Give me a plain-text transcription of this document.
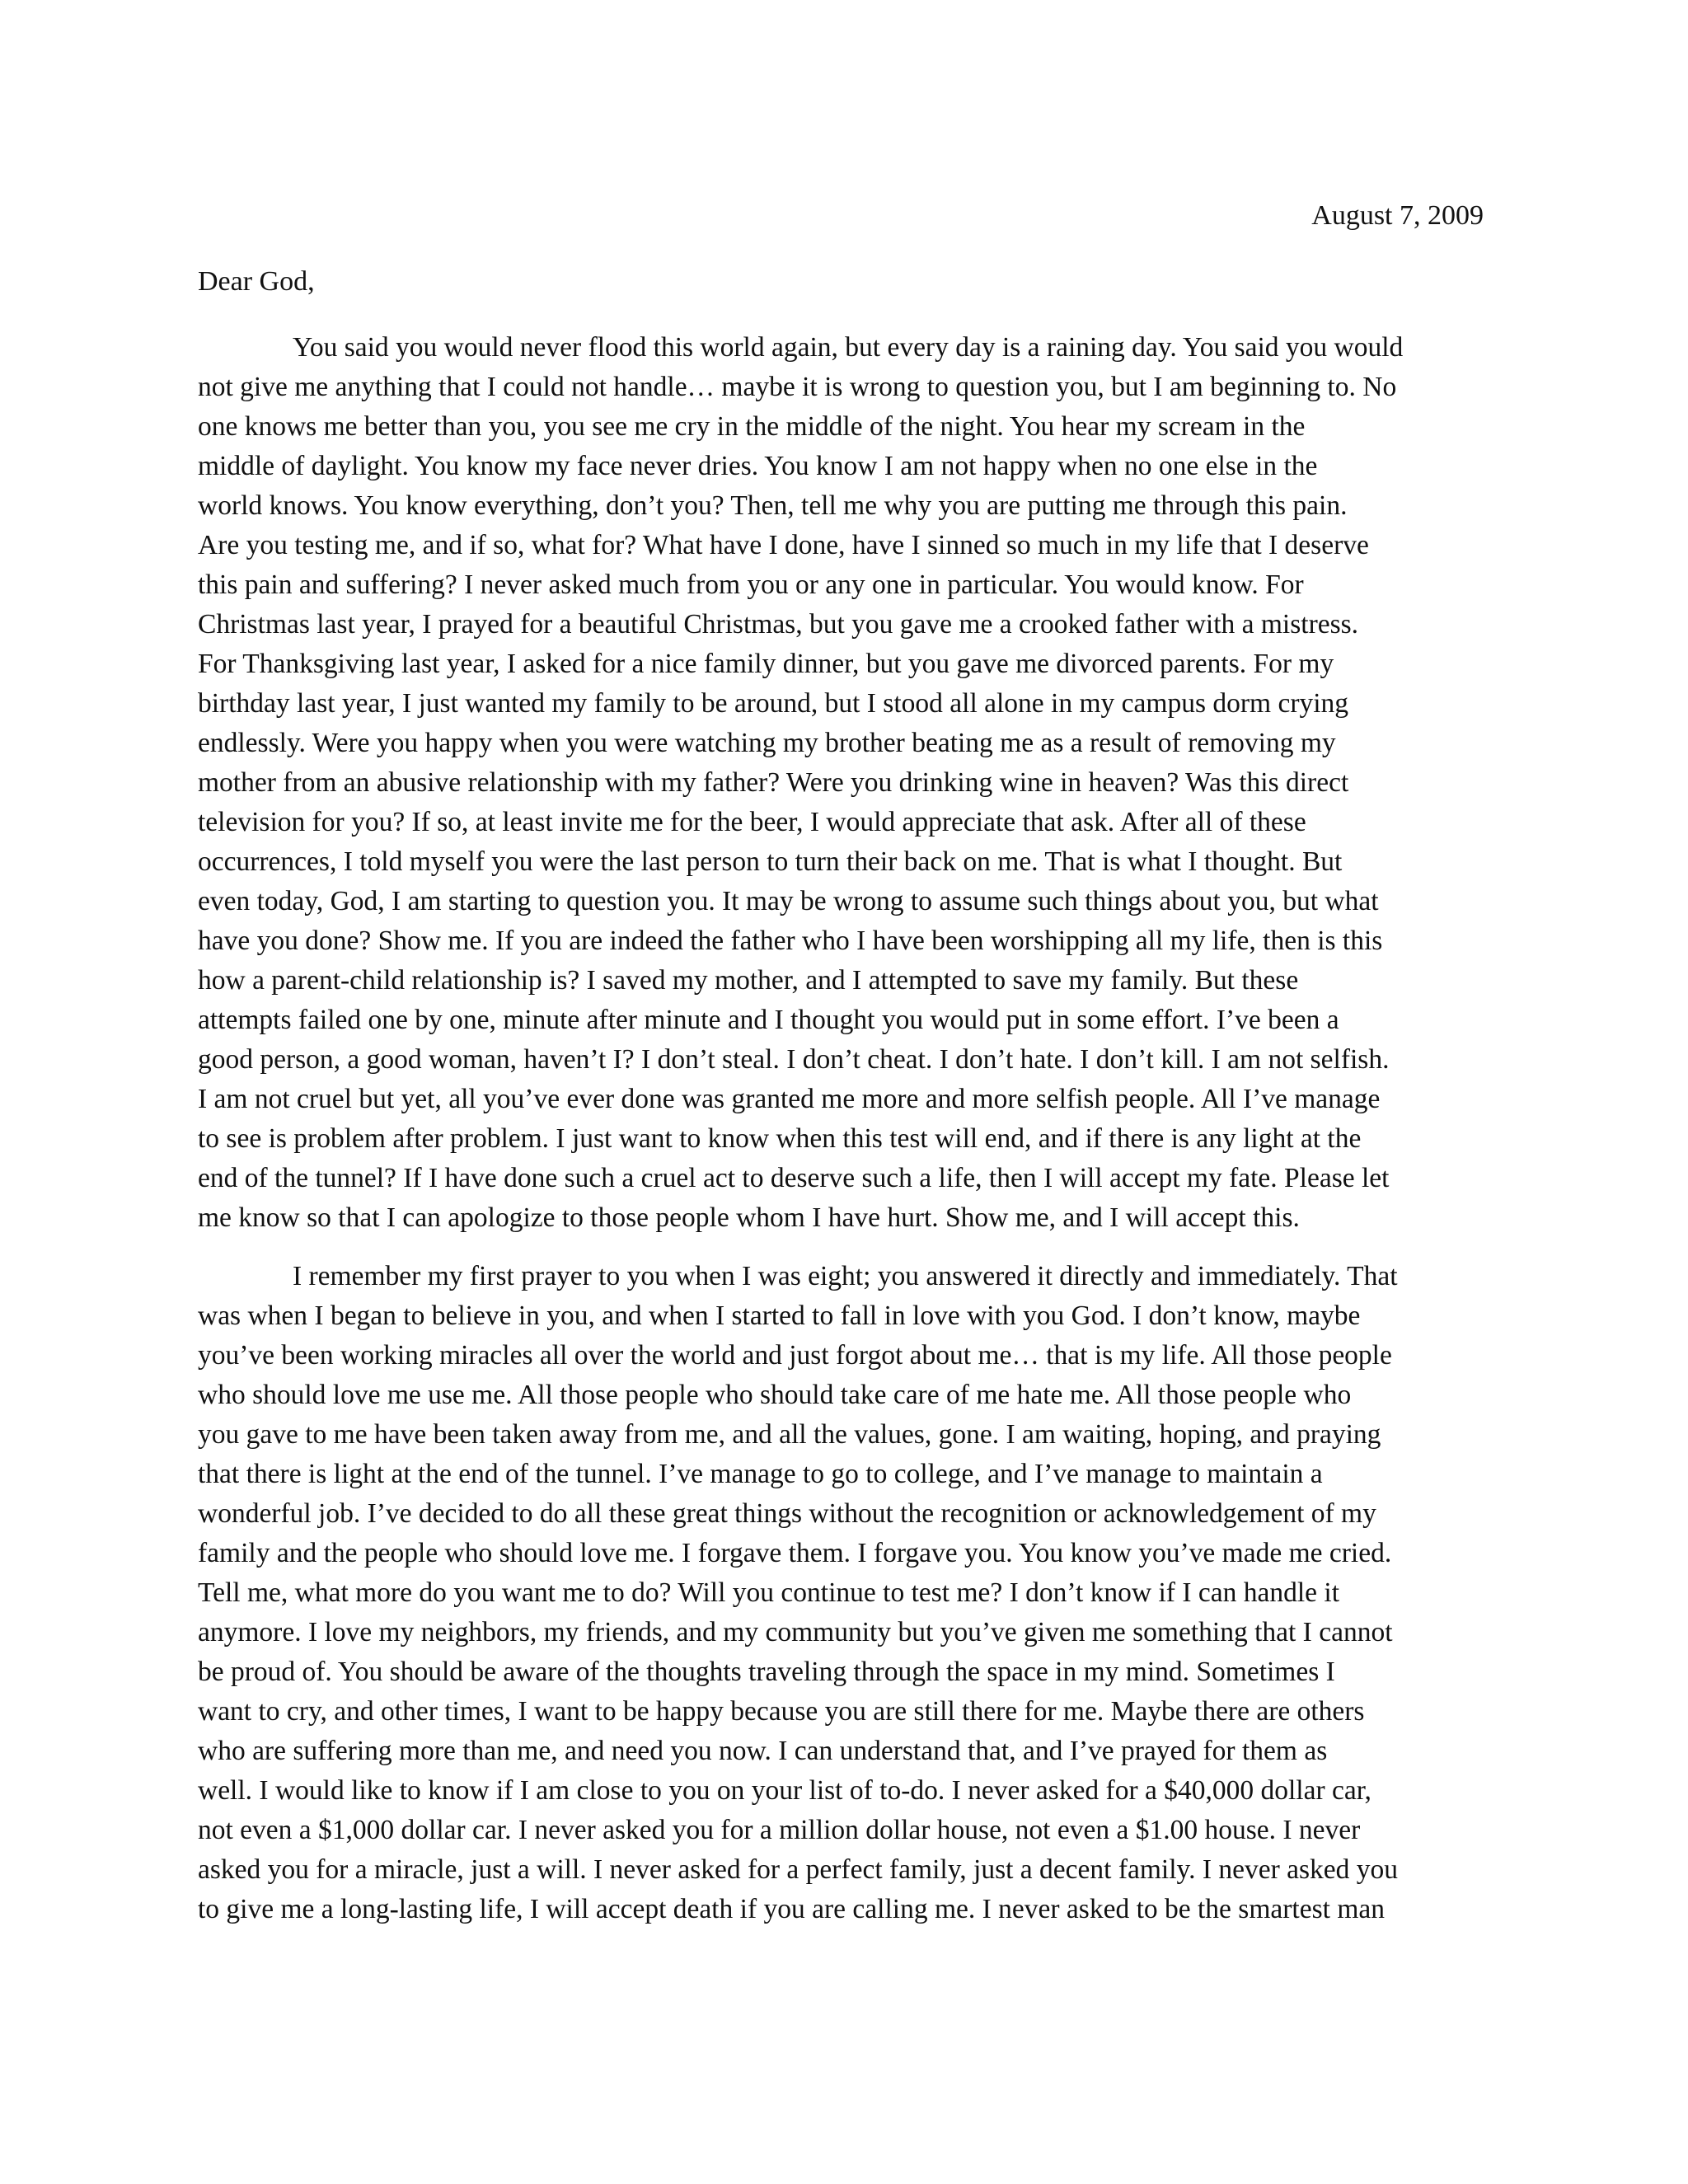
August 7, 2009
Dear God,
You said you would never flood this world again, but every day is a raining day. You said you would
not give me anything that I could not handle… maybe it is wrong to question you, but I am beginning to. No
one knows me better than you, you see me cry in the middle of the night. You hear my scream in the
middle of daylight. You know my face never dries. You know I am not happy when no one else in the
world knows. You know everything, don’t you? Then, tell me why you are putting me through this pain.
Are you testing me, and if so, what for? What have I done, have I sinned so much in my life that I deserve
this pain and suffering? I never asked much from you or any one in particular. You would know. For
Christmas last year, I prayed for a beautiful Christmas, but you gave me a crooked father with a mistress.
For Thanksgiving last year, I asked for a nice family dinner, but you gave me divorced parents. For my
birthday last year, I just wanted my family to be around, but I stood all alone in my campus dorm crying
endlessly. Were you happy when you were watching my brother beating me as a result of removing my
mother from an abusive relationship with my father? Were you drinking wine in heaven? Was this direct
television for you? If so, at least invite me for the beer, I would appreciate that ask. After all of these
occurrences, I told myself you were the last person to turn their back on me. That is what I thought. But
even today, God, I am starting to question you. It may be wrong to assume such things about you, but what
have you done? Show me. If you are indeed the father who I have been worshipping all my life, then is this
how a parent-child relationship is? I saved my mother, and I attempted to save my family. But these
attempts failed one by one, minute after minute and I thought you would put in some effort. I’ve been a
good person, a good woman, haven’t I? I don’t steal. I don’t cheat. I don’t hate. I don’t kill. I am not selfish.
I am not cruel but yet, all you’ve ever done was granted me more and more selfish people. All I’ve manage
to see is problem after problem. I just want to know when this test will end, and if there is any light at the
end of the tunnel? If I have done such a cruel act to deserve such a life, then I will accept my fate. Please let
me know so that I can apologize to those people whom I have hurt. Show me, and I will accept this.
I remember my first prayer to you when I was eight; you answered it directly and immediately. That
was when I began to believe in you, and when I started to fall in love with you God. I don’t know, maybe
you’ve been working miracles all over the world and just forgot about me… that is my life. All those people
who should love me use me. All those people who should take care of me hate me. All those people who
you gave to me have been taken away from me, and all the values, gone. I am waiting, hoping, and praying
that there is light at the end of the tunnel. I’ve manage to go to college, and I’ve manage to maintain a
wonderful job. I’ve decided to do all these great things without the recognition or acknowledgement of my
family and the people who should love me. I forgave them. I forgave you. You know you’ve made me cried.
Tell me, what more do you want me to do? Will you continue to test me? I don’t know if I can handle it
anymore. I love my neighbors, my friends, and my community but you’ve given me something that I cannot
be proud of. You should be aware of the thoughts traveling through the space in my mind. Sometimes I
want to cry, and other times, I want to be happy because you are still there for me. Maybe there are others
who are suffering more than me, and need you now. I can understand that, and I’ve prayed for them as
well. I would like to know if I am close to you on your list of to-do. I never asked for a $40,000 dollar car,
not even a $1,000 dollar car. I never asked you for a million dollar house, not even a $1.00 house. I never
asked you for a miracle, just a will. I never asked for a perfect family, just a decent family. I never asked you
to give me a long-lasting life, I will accept death if you are calling me. I never asked to be the smartest man
